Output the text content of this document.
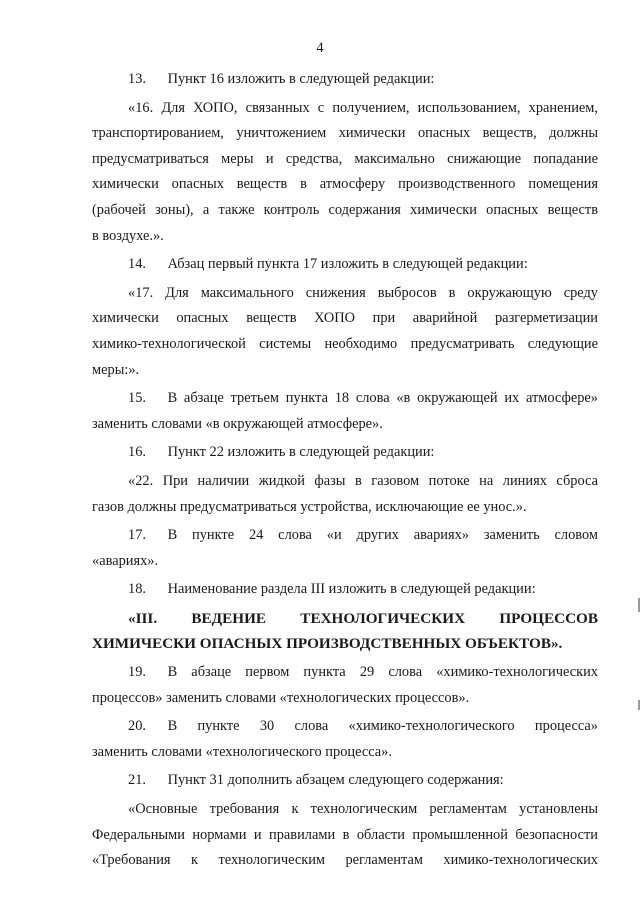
4
13.  Пункт 16 изложить в следующей редакции:
«16. Для ХОПО, связанных с получением, использованием, хранением,
транспортированием, уничтожением химически опасных веществ, должны
предусматриваться меры и средства, максимально снижающие попадание
химически опасных веществ в атмосферу производственного помещения
(рабочей зоны), а также контроль содержания химически опасных веществ
в воздухе.».
14.  Абзац первый пункта 17 изложить в следующей редакции:
«17. Для максимального снижения выбросов в окружающую среду
химически опасных веществ ХОПО при аварийной разгерметизации
химико-технологической системы необходимо предусматривать следующие
меры:».
15.  В абзаце третьем пункта 18 слова «в окружающей их атмосфере»
заменить словами «в окружающей атмосфере».
16.  Пункт 22 изложить в следующей редакции:
«22. При наличии жидкой фазы в газовом потоке на линиях сброса
газов должны предусматриваться устройства, исключающие ее унос.».
17.  В пункте 24 слова «и других авариях» заменить словом
«авариях».
18.  Наименование раздела III изложить в следующей редакции:
«III. ВЕДЕНИЕ ТЕХНОЛОГИЧЕСКИХ ПРОЦЕССОВ
ХИМИЧЕСКИ ОПАСНЫХ ПРОИЗВОДСТВЕННЫХ ОБЪЕКТОВ».
19.  В абзаце первом пункта 29 слова «химико-технологических
процессов» заменить словами «технологических процессов».
20.  В пункте 30 слова «химико-технологического процесса»
заменить словами «технологического процесса».
21.  Пункт 31 дополнить абзацем следующего содержания:
«Основные требования к технологическим регламентам установлены
Федеральными нормами и правилами в области промышленной безопасности
«Требования к технологическим регламентам химико-технологических
